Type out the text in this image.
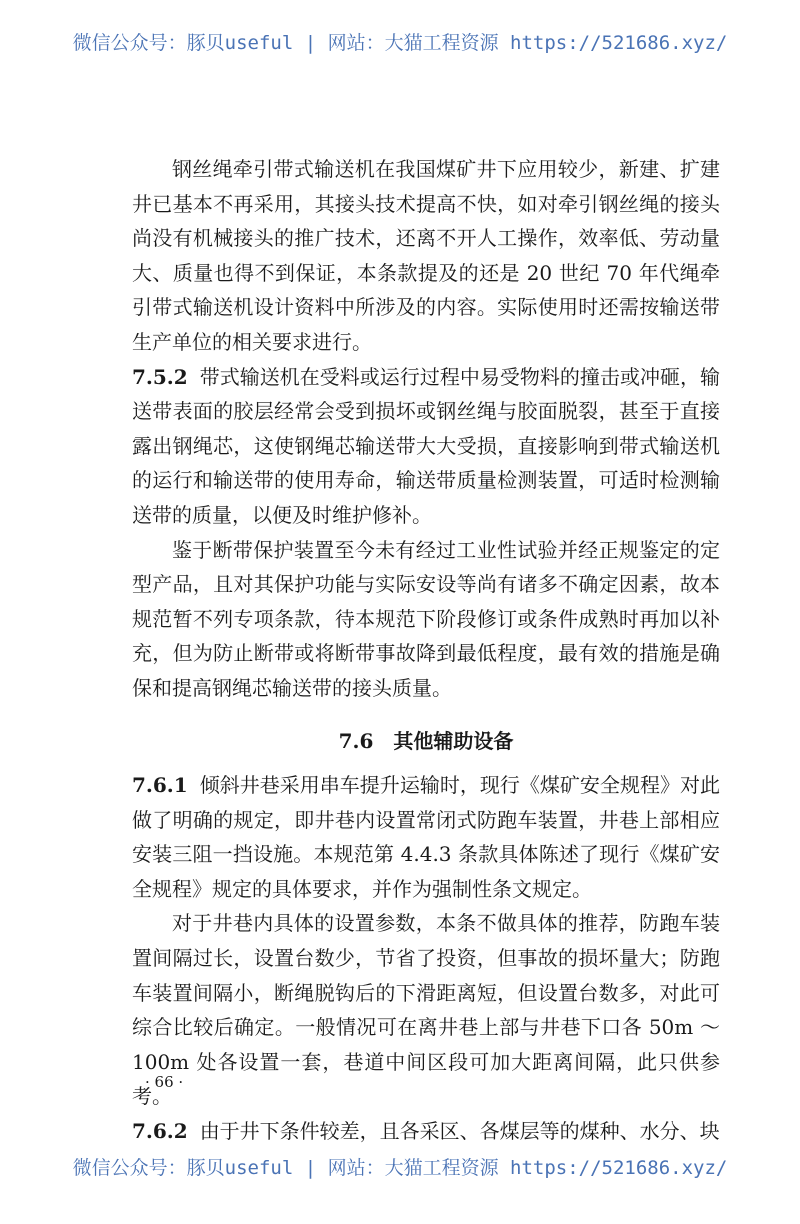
微信公众号：豚贝useful | 网站：大猫工程资源 https://521686.xyz/

钢丝绳牵引带式输送机在我国煤矿井下应用较少，新建、扩建井已基本不再采用，其接头技术提高不快，如对牵引钢丝绳的接头尚没有机械接头的推广技术，还离不开人工操作，效率低、劳动量大、质量也得不到保证，本条款提及的还是 20 世纪 70 年代绳牵引带式输送机设计资料中所涉及的内容。实际使用时还需按输送带生产单位的相关要求进行。

7.5.2 带式输送机在受料或运行过程中易受物料的撞击或冲砸，输送带表面的胶层经常会受到损坏或钢丝绳与胶面脱裂，甚至于直接露出钢绳芯，这使钢绳芯输送带大大受损，直接影响到带式输送机的运行和输送带的使用寿命，输送带质量检测装置，可适时检测输送带的质量，以便及时维护修补。

鉴于断带保护装置至今未有经过工业性试验并经正规鉴定的定型产品，且对其保护功能与实际安设等尚有诸多不确定因素，故本规范暂不列专项条款，待本规范下阶段修订或条件成熟时再加以补充，但为防止断带或将断带事故降到最低程度，最有效的措施是确保和提高钢绳芯输送带的接头质量。

7.6 其他辅助设备

7.6.1 倾斜井巷采用串车提升运输时，现行《煤矿安全规程》对此做了明确的规定，即井巷内设置常闭式防跑车装置，井巷上部相应安装三阻一挡设施。本规范第 4.4.3 条款具体陈述了现行《煤矿安全规程》规定的具体要求，并作为强制性条文规定。

对于井巷内具体的设置参数，本条不做具体的推荐，防跑车装置间隔过长，设置台数少，节省了投资，但事故的损坏量大；防跑车装置间隔小，断绳脱钩后的下滑距离短，但设置台数多，对此可综合比较后确定。一般情况可在离井巷上部与井巷下口各 50m ～ 100m 处各设置一套，巷道中间区段可加大距离间隔，此只供参考。

7.6.2 由于井下条件较差，且各采区、各煤层等的煤种、水分、块

· 66 ·
微信公众号：豚贝useful | 网站：大猫工程资源 https://521686.xyz/
